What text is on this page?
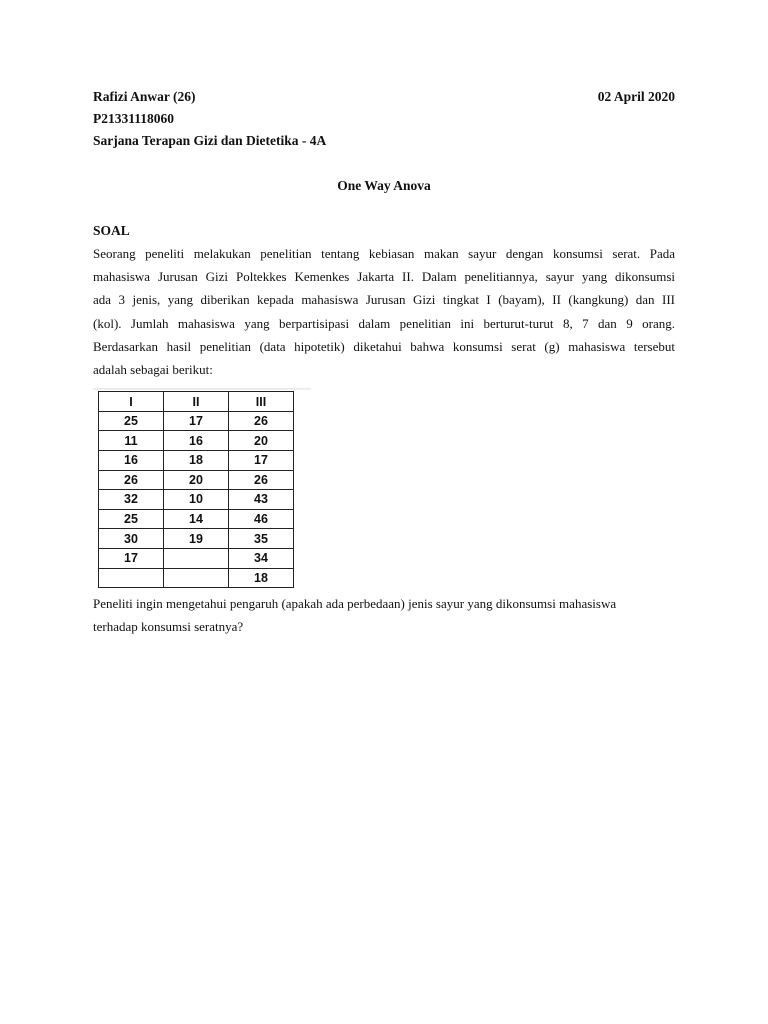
Rafizi Anwar (26)	02 April 2020
P21331118060
Sarjana Terapan Gizi dan Dietetika - 4A
One Way Anova
SOAL

Seorang peneliti melakukan penelitian tentang kebiasan makan sayur dengan konsumsi serat. Pada

mahasiswa Jurusan Gizi Poltekkes Kemenkes Jakarta II. Dalam penelitiannya, sayur yang dikonsumsi

ada 3 jenis, yang diberikan kepada mahasiswa Jurusan Gizi tingkat I (bayam), II (kangkung) dan III

(kol). Jumlah mahasiswa yang berpartisipasi dalam penelitian ini berturut-turut 8, 7 dan 9 orang.

Berdasarkan hasil penelitian (data hipotetik) diketahui bahwa konsumsi serat (g) mahasiswa tersebut

adalah sebagai berikut:

I	II	III
25	17	26
11	16	20
16	18	17
26	20	26
32	10	43
25	14	46
30	19	35
17		34
		18
Peneliti ingin mengetahui pengaruh (apakah ada perbedaan) jenis sayur yang dikonsumsi mahasiswa
terhadap konsumsi seratnya?
